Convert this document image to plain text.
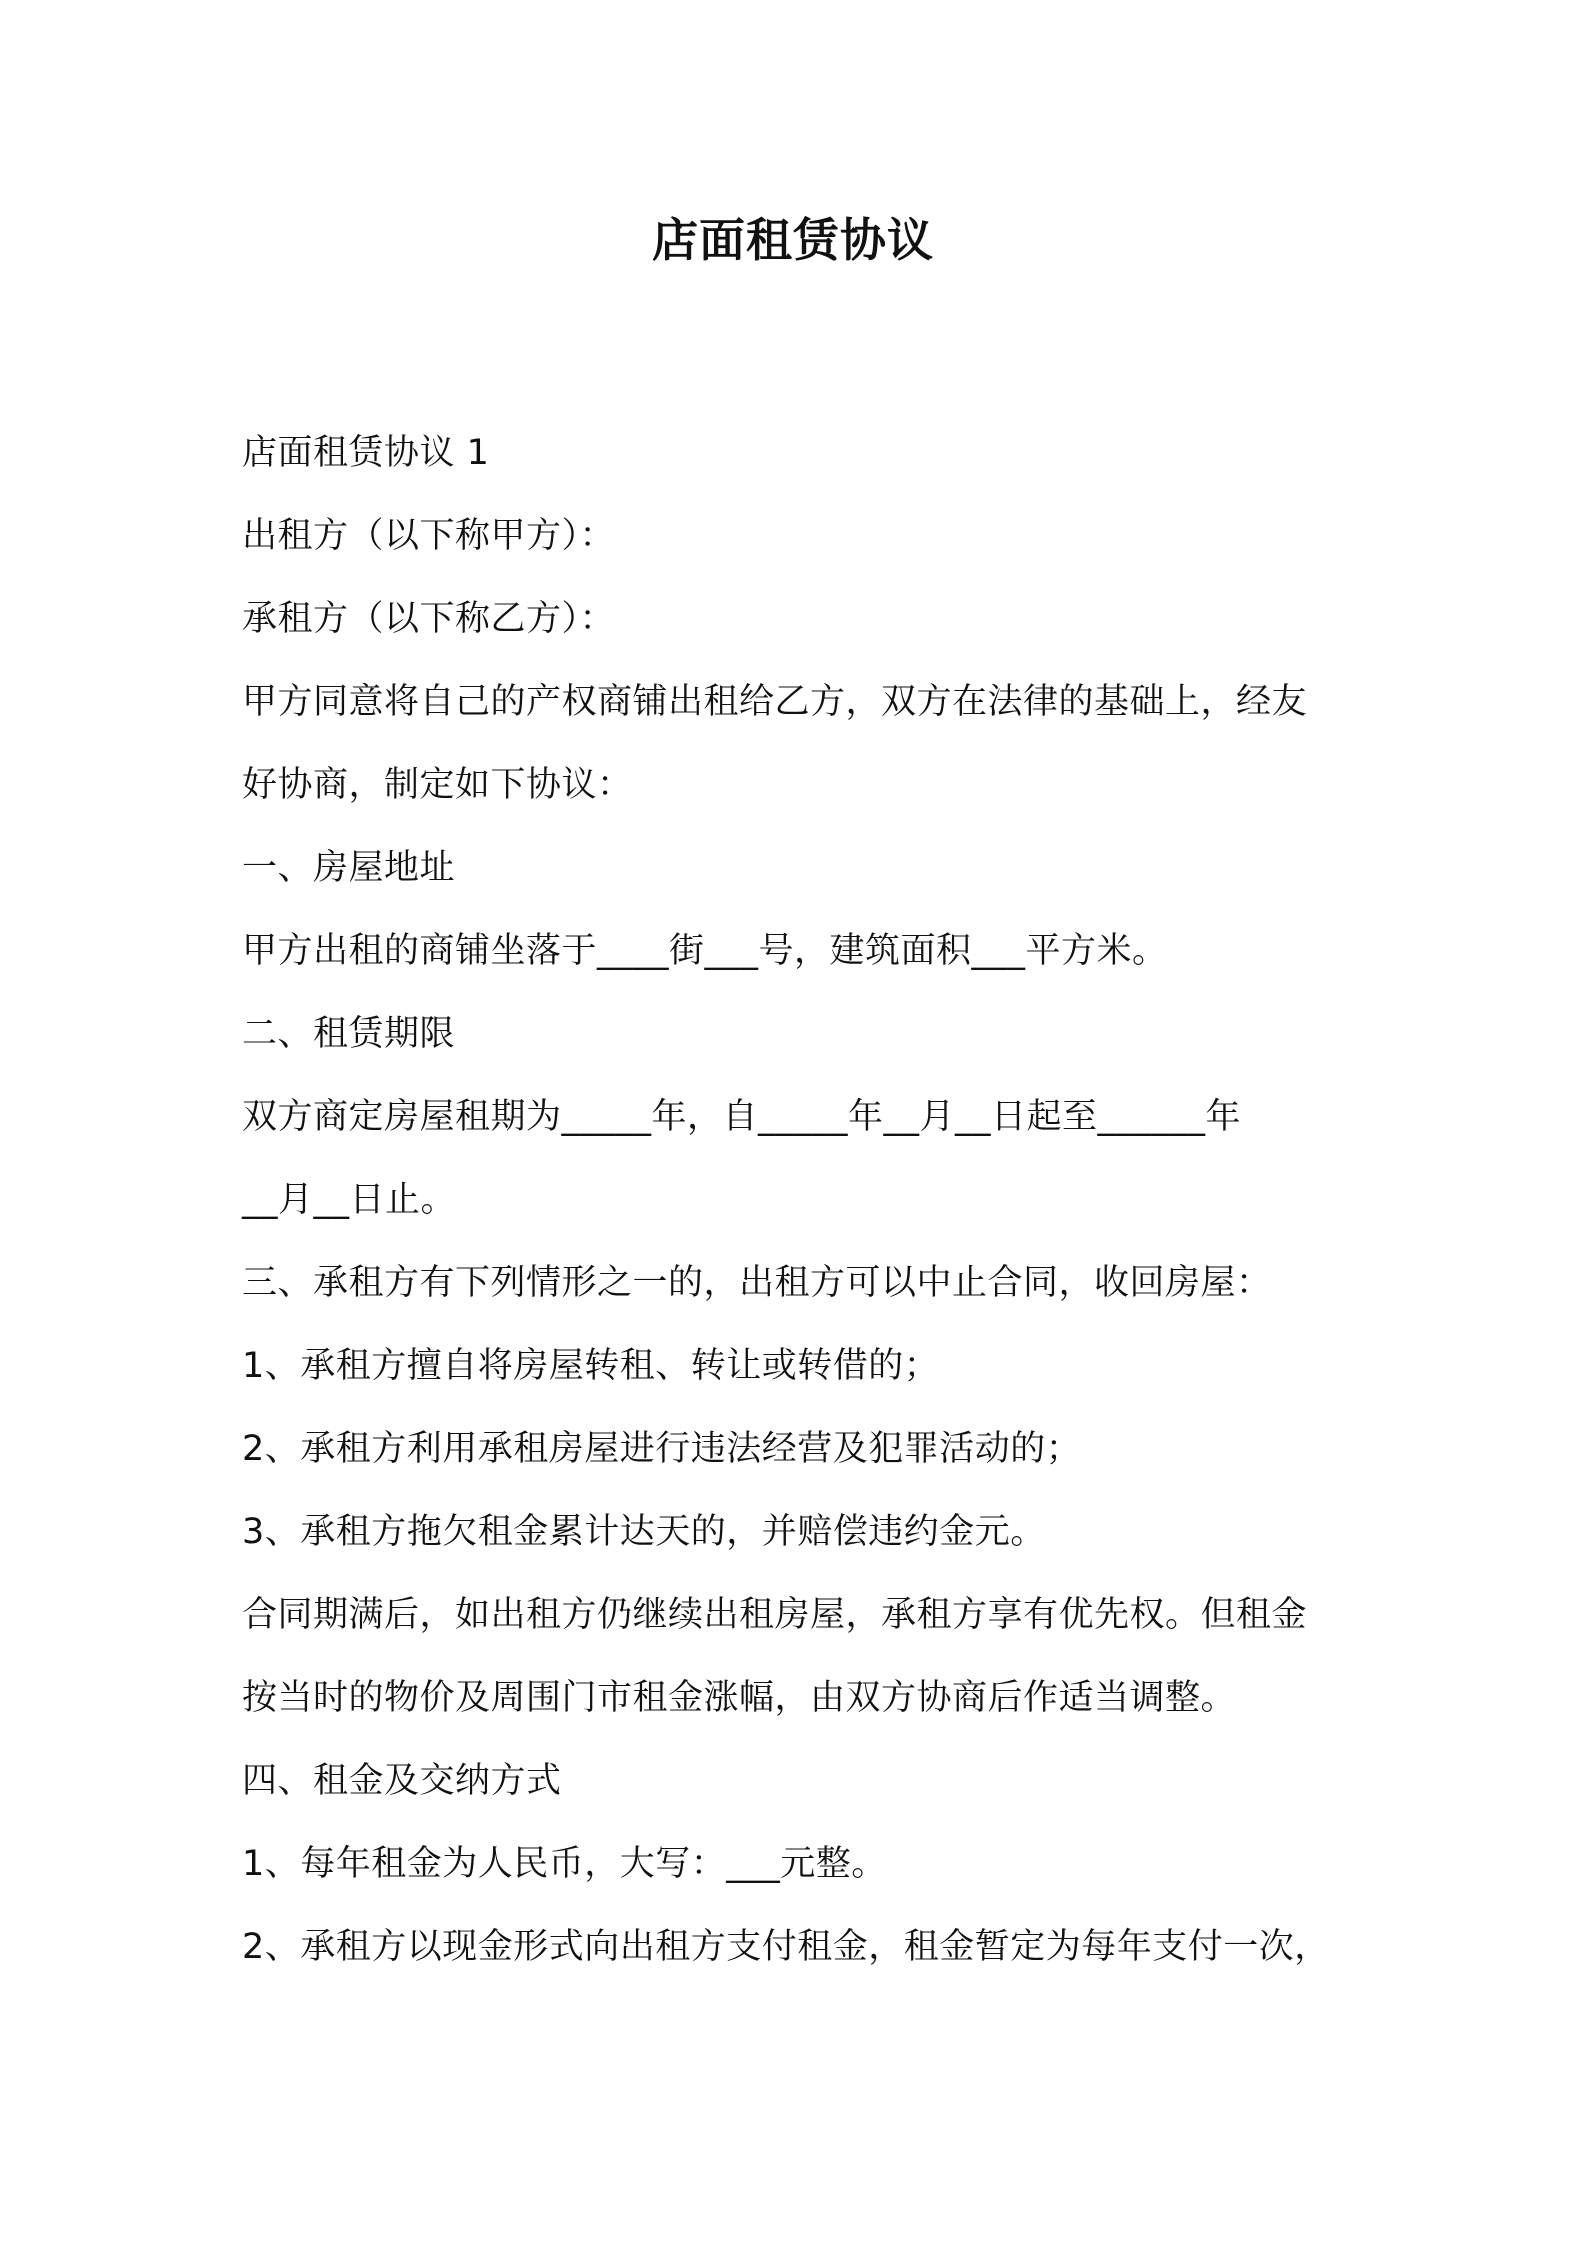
店面租赁协议
店面租赁协议 1
出租方（以下称甲方）：
承租方（以下称乙方）：
甲方同意将自己的产权商铺出租给乙方，双方在法律的基础上，经友
好协商，制定如下协议：
一、房屋地址
甲方出租的商铺坐落于____街___号，建筑面积___平方米。
二、租赁期限
双方商定房屋租期为_____年，自_____年__月__日起至______年
__月__日止。
三、承租方有下列情形之一的，出租方可以中止合同，收回房屋：
1、承租方擅自将房屋转租、转让或转借的；
2、承租方利用承租房屋进行违法经营及犯罪活动的；
3、承租方拖欠租金累计达天的，并赔偿违约金元。
合同期满后，如出租方仍继续出租房屋，承租方享有优先权。但租金
按当时的物价及周围门市租金涨幅，由双方协商后作适当调整。
四、租金及交纳方式
1、每年租金为人民币，大写：___元整。
2、承租方以现金形式向出租方支付租金，租金暂定为每年支付一次，
